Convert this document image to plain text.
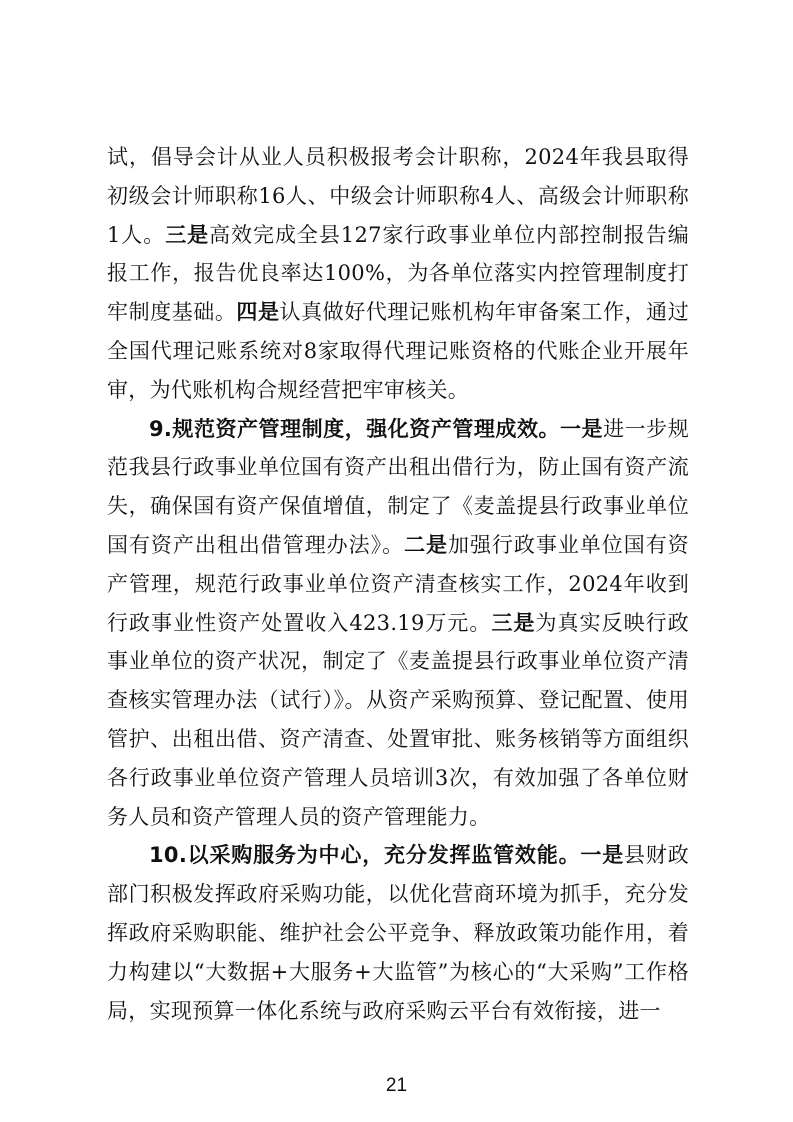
试，倡导会计从业人员积极报考会计职称，2024年我县取得初级会计师职称16人、中级会计师职称4人、高级会计师职称1人。三是高效完成全县127家行政事业单位内部控制报告编报工作，报告优良率达100%，为各单位落实内控管理制度打牢制度基础。四是认真做好代理记账机构年审备案工作，通过全国代理记账系统对8家取得代理记账资格的代账企业开展年审，为代账机构合规经营把牢审核关。

9.规范资产管理制度，强化资产管理成效。一是进一步规范我县行政事业单位国有资产出租出借行为，防止国有资产流失，确保国有资产保值增值，制定了《麦盖提县行政事业单位国有资产出租出借管理办法》。二是加强行政事业单位国有资产管理，规范行政事业单位资产清查核实工作，2024年收到行政事业性资产处置收入423.19万元。三是为真实反映行政事业单位的资产状况，制定了《麦盖提县行政事业单位资产清查核实管理办法（试行）》。从资产采购预算、登记配置、使用管护、出租出借、资产清查、处置审批、账务核销等方面组织各行政事业单位资产管理人员培训3次，有效加强了各单位财务人员和资产管理人员的资产管理能力。

10.以采购服务为中心，充分发挥监管效能。一是县财政部门积极发挥政府采购功能，以优化营商环境为抓手，充分发挥政府采购职能、维护社会公平竞争、释放政策功能作用，着力构建以“大数据+大服务+大监管”为核心的“大采购”工作格局，实现预算一体化系统与政府采购云平台有效衔接，进一

21
